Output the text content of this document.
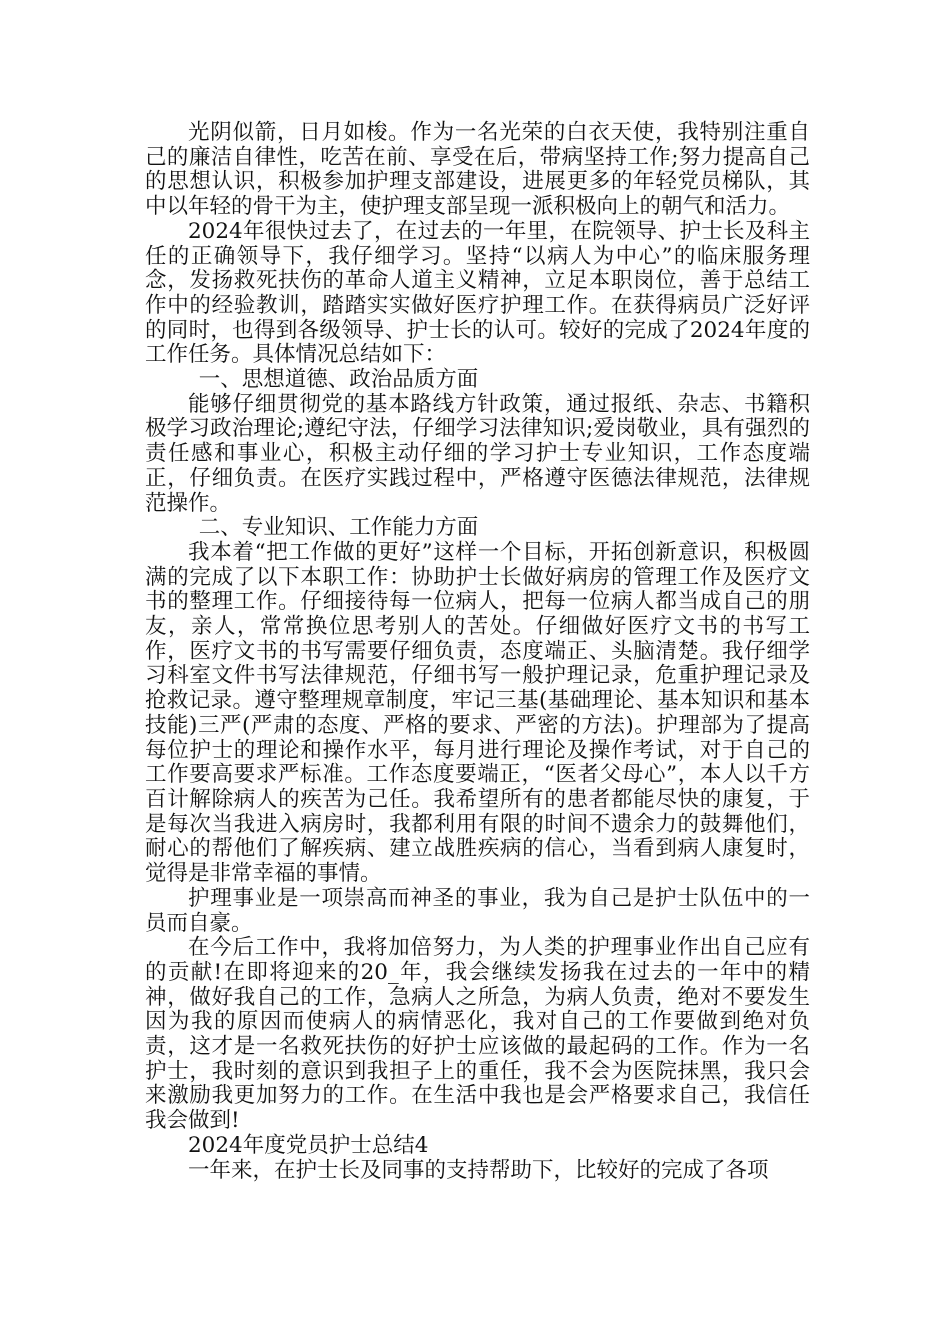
光阴似箭，日月如梭。作为一名光荣的白衣天使，我特别注重自己的廉洁自律性，吃苦在前、享受在后，带病坚持工作;努力提高自己的思想认识，积极参加护理支部建设，进展更多的年轻党员梯队，其中以年轻的骨干为主，使护理支部呈现一派积极向上的朝气和活力。

2024年很快过去了，在过去的一年里，在院领导、护士长及科主任的正确领导下，我仔细学习。坚持“以病人为中心”的临床服务理念，发扬救死扶伤的革命人道主义精神，立足本职岗位，善于总结工作中的经验教训，踏踏实实做好医疗护理工作。在获得病员广泛好评的同时，也得到各级领导、护士长的认可。较好的完成了2024年度的工作任务。具体情况总结如下：

一、思想道德、政治品质方面

能够仔细贯彻党的基本路线方针政策，通过报纸、杂志、书籍积极学习政治理论;遵纪守法，仔细学习法律知识;爱岗敬业，具有强烈的责任感和事业心，积极主动仔细的学习护士专业知识，工作态度端正，仔细负责。在医疗实践过程中，严格遵守医德法律规范，法律规范操作。

二、专业知识、工作能力方面

我本着“把工作做的更好”这样一个目标，开拓创新意识，积极圆满的完成了以下本职工作：协助护士长做好病房的管理工作及医疗文书的整理工作。仔细接待每一位病人，把每一位病人都当成自己的朋友，亲人，常常换位思考别人的苦处。仔细做好医疗文书的书写工作，医疗文书的书写需要仔细负责，态度端正、头脑清楚。我仔细学习科室文件书写法律规范，仔细书写一般护理记录，危重护理记录及抢救记录。遵守整理规章制度，牢记三基(基础理论、基本知识和基本技能)三严(严肃的态度、严格的要求、严密的方法)。护理部为了提高每位护士的理论和操作水平，每月进行理论及操作考试，对于自己的工作要高要求严标准。工作态度要端正，“医者父母心”，本人以千方百计解除病人的疾苦为己任。我希望所有的患者都能尽快的康复，于是每次当我进入病房时，我都利用有限的时间不遗余力的鼓舞他们，耐心的帮他们了解疾病、建立战胜疾病的信心，当看到病人康复时，觉得是非常幸福的事情。

护理事业是一项崇高而神圣的事业，我为自己是护士队伍中的一员而自豪。

在今后工作中，我将加倍努力，为人类的护理事业作出自己应有的贡献!在即将迎来的20_年，我会继续发扬我在过去的一年中的精神，做好我自己的工作，急病人之所急，为病人负责，绝对不要发生因为我的原因而使病人的病情恶化，我对自己的工作要做到绝对负责，这才是一名救死扶伤的好护士应该做的最起码的工作。作为一名护士，我时刻的意识到我担子上的重任，我不会为医院抹黑，我只会来激励我更加努力的工作。在生活中我也是会严格要求自己，我信任我会做到!

2024年度党员护士总结4

一年来，在护士长及同事的支持帮助下，比较好的完成了各项
